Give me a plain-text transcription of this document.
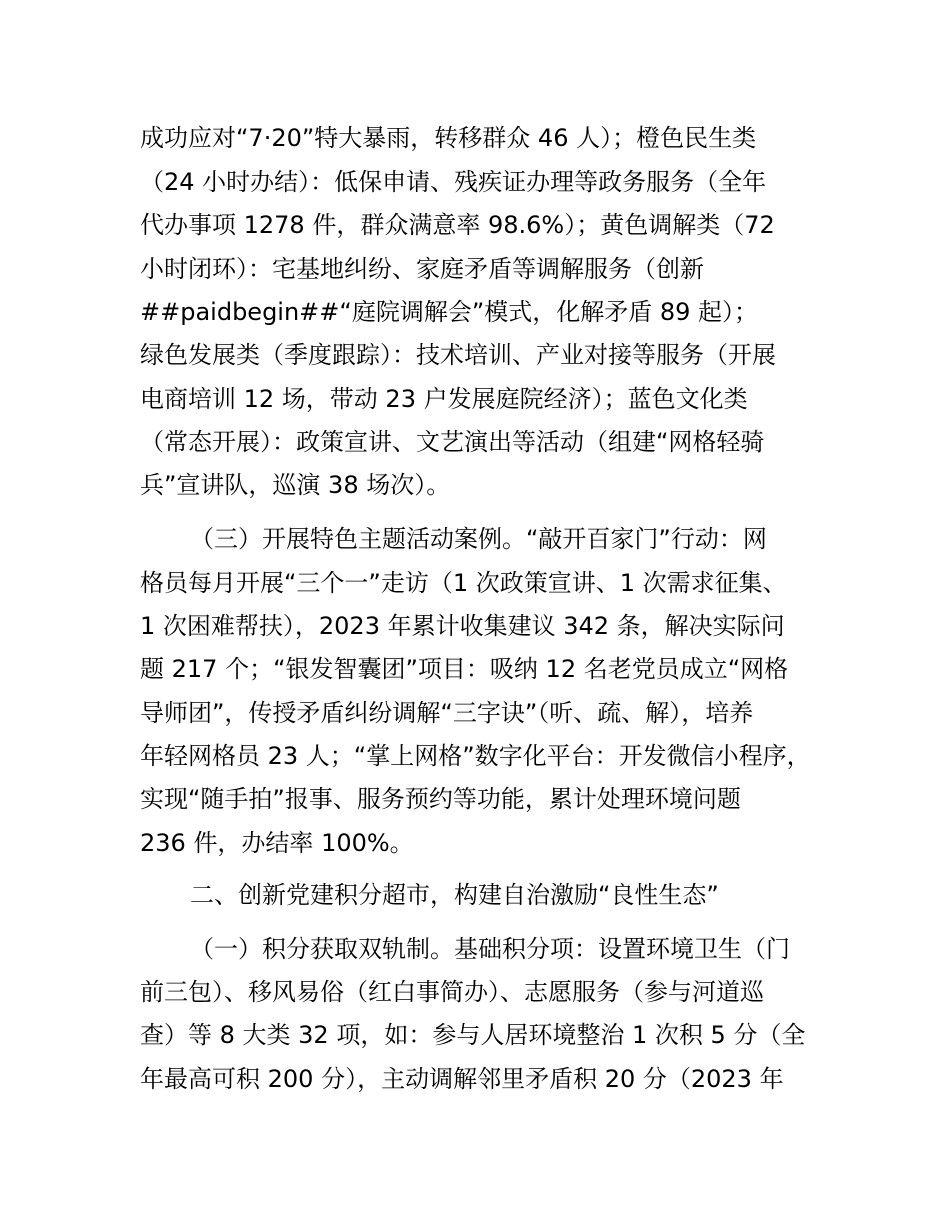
成功应对“7·20”特大暴雨，转移群众 46 人）；橙色民生类
（24 小时办结）：低保申请、残疾证办理等政务服务（全年
代办事项 1278 件，群众满意率 98.6%）；黄色调解类（72
小时闭环）：宅基地纠纷、家庭矛盾等调解服务（创新
##paidbegin##“庭院调解会”模式，化解矛盾 89 起）；
绿色发展类（季度跟踪）：技术培训、产业对接等服务（开展
电商培训 12 场，带动 23 户发展庭院经济）；蓝色文化类
（常态开展）：政策宣讲、文艺演出等活动（组建“网格轻骑
兵”宣讲队，巡演 38 场次）。
（三）开展特色主题活动案例。“敲开百家门”行动：网
格员每月开展“三个一”走访（1 次政策宣讲、1 次需求征集、
1 次困难帮扶），2023 年累计收集建议 342 条，解决实际问
题 217 个；“银发智囊团”项目：吸纳 12 名老党员成立“网格
导师团”，传授矛盾纠纷调解“三字诀”（听、疏、解），培养
年轻网格员 23 人；“掌上网格”数字化平台：开发微信小程序，
实现“随手拍”报事、服务预约等功能，累计处理环境问题
236 件，办结率 100%。
二、创新党建积分超市，构建自治激励“良性生态”
（一）积分获取双轨制。基础积分项：设置环境卫生（门
前三包）、移风易俗（红白事简办）、志愿服务（参与河道巡
查）等 8 大类 32 项，如：参与人居环境整治 1 次积 5 分（全
年最高可积 200 分），主动调解邻里矛盾积 20 分（2023 年
